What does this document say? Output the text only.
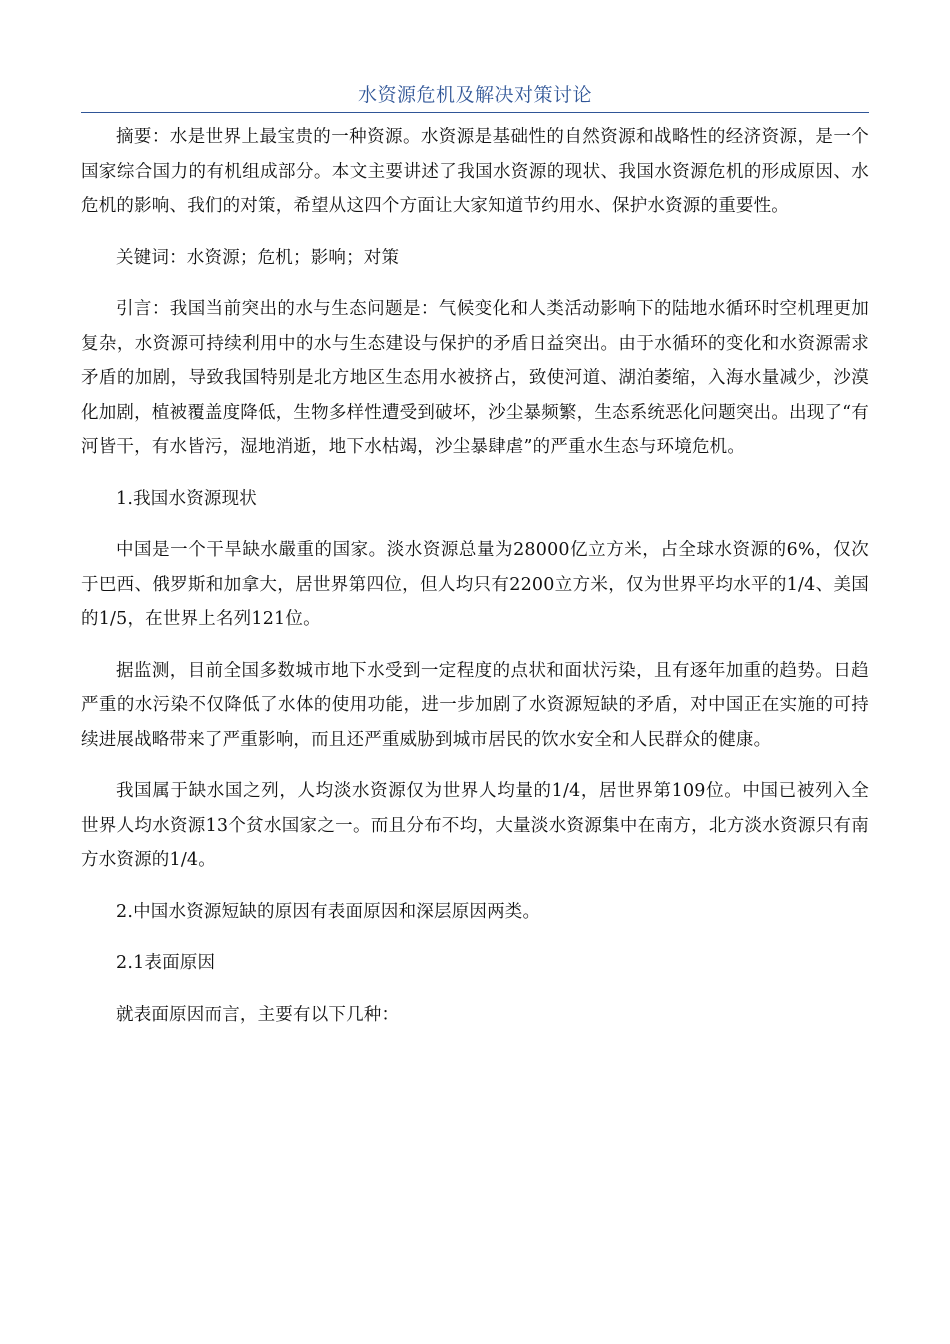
水资源危机及解决对策讨论

摘要：水是世界上最宝贵的一种资源。水资源是基础性的自然资源和战略性的经济资源，是一个国家综合国力的有机组成部分。本文主要讲述了我国水资源的现状、我国水资源危机的形成原因、水危机的影响、我们的对策，希望从这四个方面让大家知道节约用水、保护水资源的重要性。

关键词：水资源；危机；影响；对策

引言：我国当前突出的水与生态问题是：气候变化和人类活动影响下的陆地水循环时空机理更加复杂，水资源可持续利用中的水与生态建设与保护的矛盾日益突出。由于水循环的变化和水资源需求矛盾的加剧，导致我国特别是北方地区生态用水被挤占，致使河道、湖泊萎缩，入海水量减少，沙漠化加剧，植被覆盖度降低，生物多样性遭受到破坏，沙尘暴频繁，生态系统恶化问题突出。出现了“有河皆干，有水皆污，湿地消逝，地下水枯竭，沙尘暴肆虐”的严重水生态与环境危机。

1.我国水资源现状

中国是一个干旱缺水嚴重的国家。淡水资源总量为28000亿立方米，占全球水资源的6%，仅次于巴西、俄罗斯和加拿大，居世界第四位，但人均只有2200立方米，仅为世界平均水平的1/4、美国的1/5，在世界上名列121位。

据监测，目前全国多数城市地下水受到一定程度的点状和面状污染，且有逐年加重的趋势。日趋严重的水污染不仅降低了水体的使用功能，进一步加剧了水资源短缺的矛盾，对中国正在实施的可持续进展战略带来了严重影响，而且还严重威胁到城市居民的饮水安全和人民群众的健康。

我国属于缺水国之列，人均淡水资源仅为世界人均量的1/4，居世界第109位。中国已被列入全世界人均水资源13个贫水国家之一。而且分布不均，大量淡水资源集中在南方，北方淡水资源只有南方水资源的1/4。

2.中国水资源短缺的原因有表面原因和深层原因两类。

2.1表面原因

就表面原因而言，主要有以下几种：
